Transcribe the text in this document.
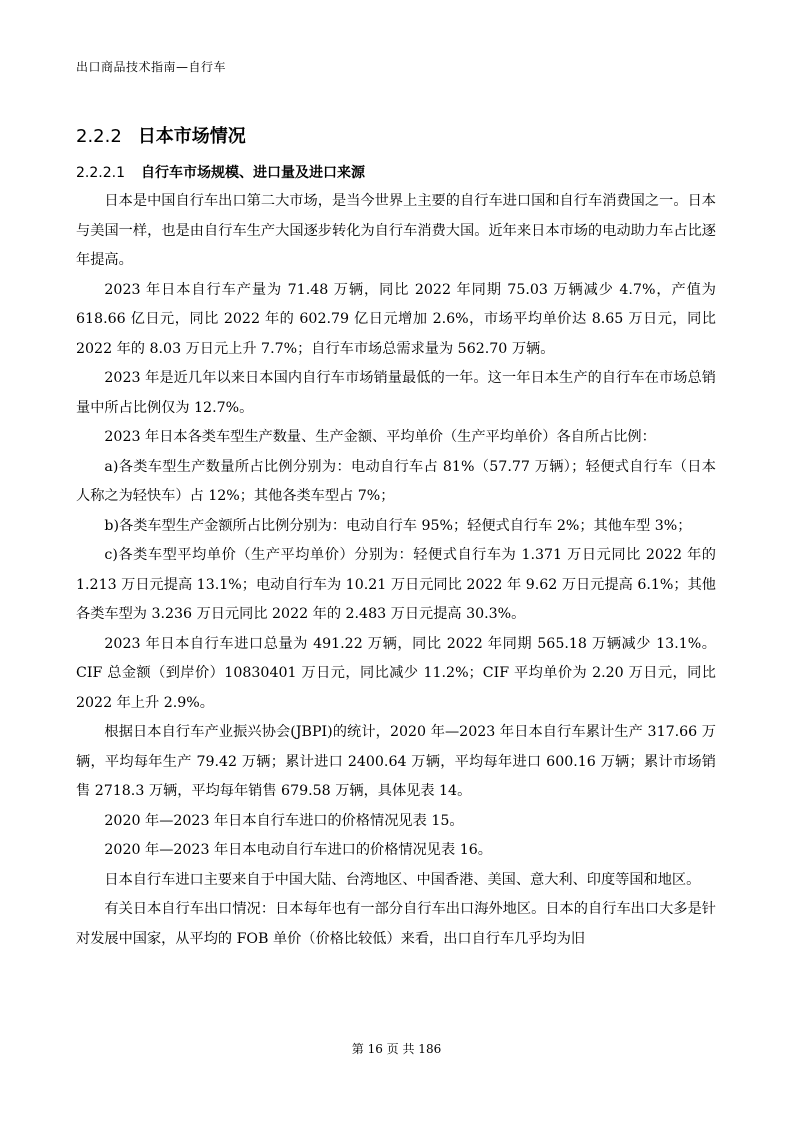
出口商品技术指南—自行车
2.2.2 日本市场情况
2.2.2.1 自行车市场规模、进口量及进口来源

日本是中国自行车出口第二大市场，是当今世界上主要的自行车进口国和自行车消费国之一。日本与美国一样，也是由自行车生产大国逐步转化为自行车消费大国。近年来日本市场的电动助力车占比逐年提高。

2023 年日本自行车产量为 71.48 万辆，同比 2022 年同期 75.03 万辆减少 4.7%，产值为 618.66 亿日元，同比 2022 年的 602.79 亿日元增加 2.6%，市场平均单价达 8.65 万日元，同比 2022 年的 8.03 万日元上升 7.7%；自行车市场总需求量为 562.70 万辆。

2023 年是近几年以来日本国内自行车市场销量最低的一年。这一年日本生产的自行车在市场总销量中所占比例仅为 12.7%。

2023 年日本各类车型生产数量、生产金额、平均单价（生产平均单价）各自所占比例：

a)各类车型生产数量所占比例分别为：电动自行车占 81%（57.77 万辆）；轻便式自行车（日本人称之为轻快车）占 12%；其他各类车型占 7%；

b)各类车型生产金额所占比例分别为：电动自行车 95%；轻便式自行车 2%；其他车型 3%；

c)各类车型平均单价（生产平均单价）分别为：轻便式自行车为 1.371 万日元同比 2022 年的 1.213 万日元提高 13.1%；电动自行车为 10.21 万日元同比 2022 年 9.62 万日元提高 6.1%；其他各类车型为 3.236 万日元同比 2022 年的 2.483 万日元提高 30.3%。

2023 年日本自行车进口总量为 491.22 万辆，同比 2022 年同期 565.18 万辆减少 13.1%。CIF 总金额（到岸价）10830401 万日元，同比减少 11.2%；CIF 平均单价为 2.20 万日元，同比 2022 年上升 2.9%。

根据日本自行车产业振兴协会(JBPI)的统计，2020 年—2023 年日本自行车累计生产 317.66 万辆，平均每年生产 79.42 万辆；累计进口 2400.64 万辆，平均每年进口 600.16 万辆；累计市场销售 2718.3 万辆，平均每年销售 679.58 万辆，具体见表 14。

2020 年—2023 年日本自行车进口的价格情况见表 15。

2020 年—2023 年日本电动自行车进口的价格情况见表 16。

日本自行车进口主要来自于中国大陆、台湾地区、中国香港、美国、意大利、印度等国和地区。

有关日本自行车出口情况：日本每年也有一部分自行车出口海外地区。日本的自行车出口大多是针对发展中国家，从平均的 FOB 单价（价格比较低）来看，出口自行车几乎均为旧

第 16 页 共 186
